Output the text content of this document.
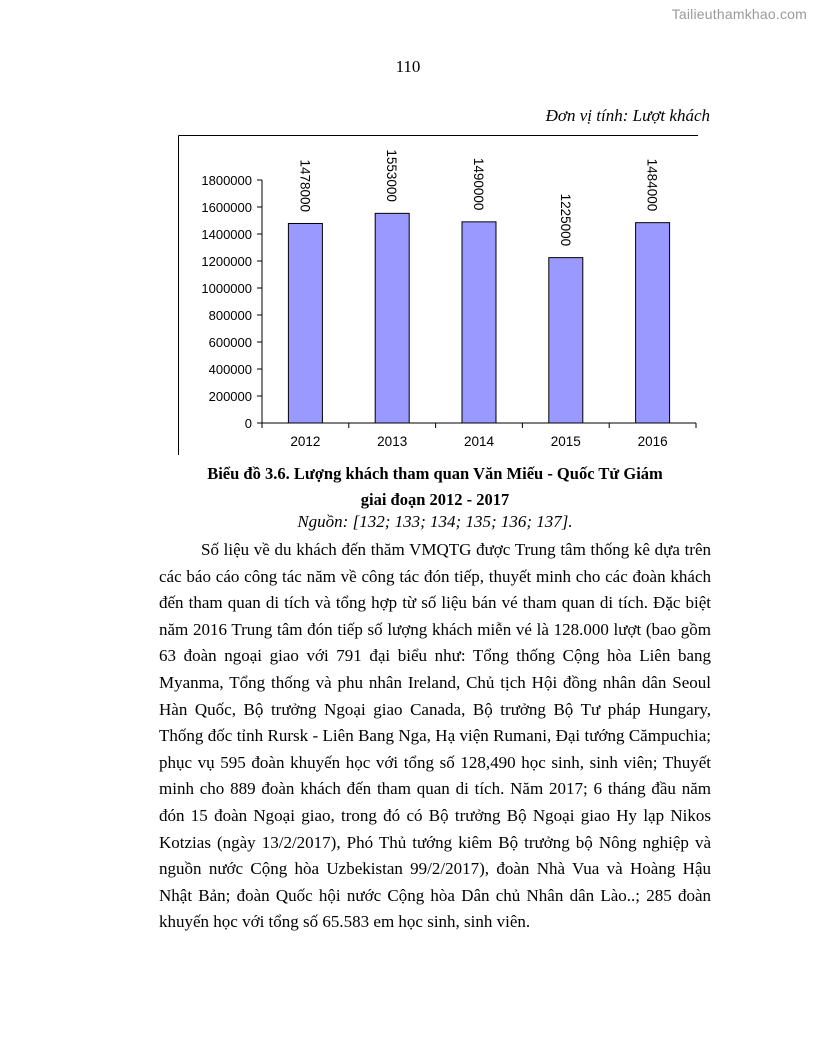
Tailieuthamkhao.com
110
Đơn vị tính: Lượt khách
0
200000
400000
600000
800000
1000000
1200000
1400000
1600000
1800000
2012
1478000
2013
1553000
2014
1490000
2015
1225000
2016
1484000
Biểu đồ 3.6. Lượng khách tham quan Văn Miếu - Quốc Tử Giám
giai đoạn 2012 - 2017
Nguồn: [132; 133; 134; 135; 136; 137].

Số liệu về du khách đến thăm VMQTG được Trung tâm thống kê dựa trên các báo cáo công tác năm về công tác đón tiếp, thuyết minh cho các đoàn khách đến tham quan di tích và tổng hợp từ số liệu bán vé tham quan di tích. Đặc biệt năm 2016 Trung tâm đón tiếp số lượng khách miễn vé là 128.000 lượt (bao gồm 63 đoàn ngoại giao với 791 đại biểu như: Tổng thống Cộng hòa Liên bang Myanma, Tổng thống và phu nhân Ireland, Chủ tịch Hội đồng nhân dân Seoul Hàn Quốc, Bộ trưởng Ngoại giao Canada, Bộ trưởng Bộ Tư pháp Hungary, Thống đốc tỉnh Rursk - Liên Bang Nga, Hạ viện Rumani, Đại tướng Cămpuchia; phục vụ 595 đoàn khuyến học với tổng số 128,490 học sinh, sinh viên; Thuyết minh cho 889 đoàn khách đến tham quan di tích. Năm 2017; 6 tháng đầu năm đón 15 đoàn Ngoại giao, trong đó có Bộ trưởng Bộ Ngoại giao Hy lạp Nikos Kotzias (ngày 13/2/2017), Phó Thủ tướng kiêm Bộ trưởng bộ Nông nghiệp và nguồn nước Cộng hòa Uzbekistan 99/2/2017), đoàn Nhà Vua và Hoàng Hậu Nhật Bản; đoàn Quốc hội nước Cộng hòa Dân chủ Nhân dân Lào..; 285 đoàn khuyến học với tổng số 65.583 em học sinh, sinh viên.
